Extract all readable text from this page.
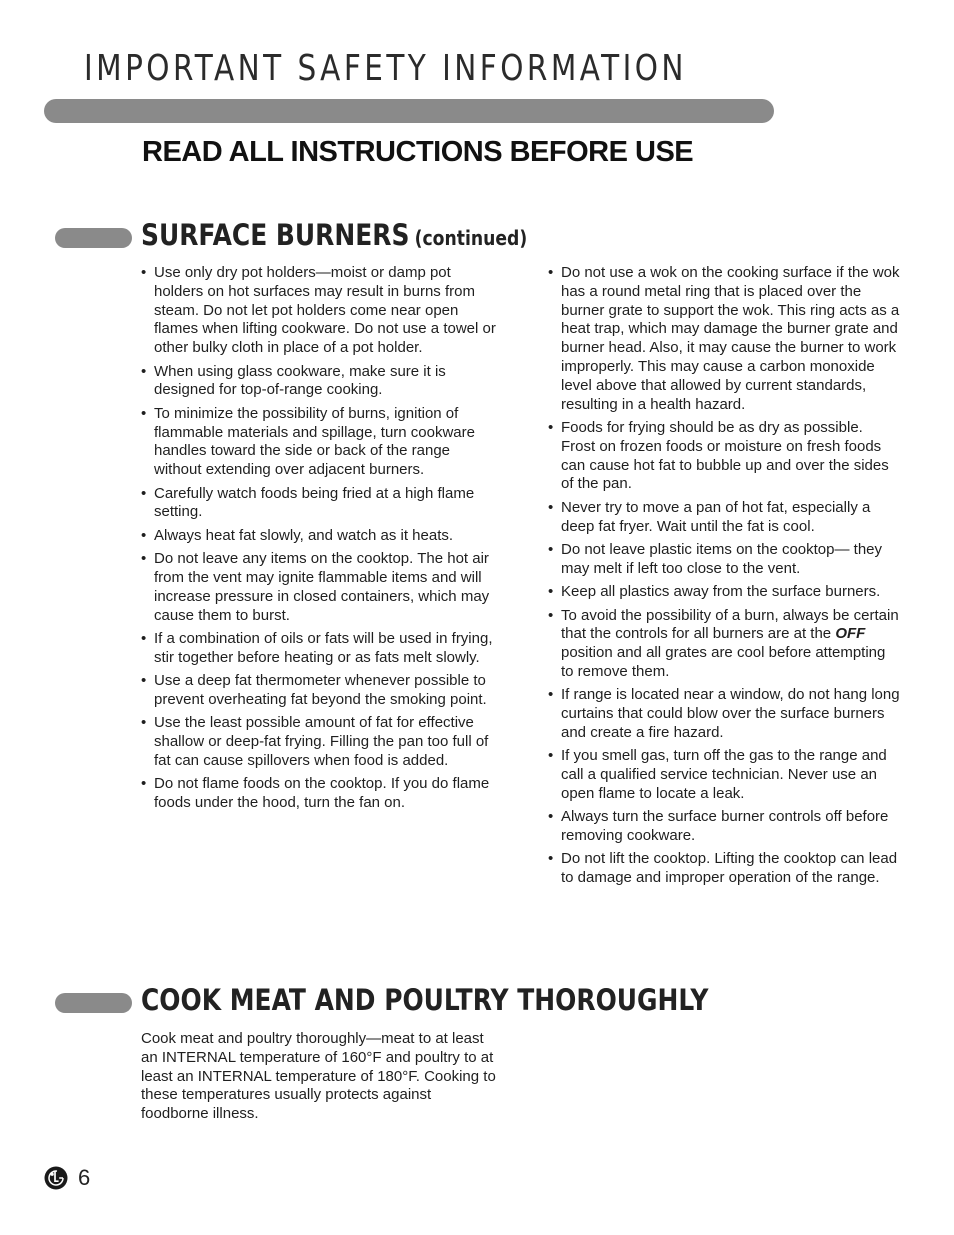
IMPORTANT SAFETY INFORMATION
READ ALL INSTRUCTIONS BEFORE USE
SURFACE BURNERS (continued)
• Use only dry pot holders—moist or damp pot holders on hot surfaces may result in burns from steam. Do not let pot holders come near open flames when lifting cookware. Do not use a towel or other bulky cloth in place of a pot holder.
• When using glass cookware, make sure it is designed for top-of-range cooking.
• To minimize the possibility of burns, ignition of flammable materials and spillage, turn cookware handles toward the side or back of the range without extending over adjacent burners.
• Carefully watch foods being fried at a high flame setting.
• Always heat fat slowly, and watch as it heats.
• Do not leave any items on the cooktop. The hot air from the vent may ignite flammable items and will increase pressure in closed containers, which may cause them to burst.
• If a combination of oils or fats will be used in frying, stir together before heating or as fats melt slowly.
• Use a deep fat thermometer whenever possible to prevent overheating fat beyond the smoking point.
• Use the least possible amount of fat for effective shallow or deep-fat frying. Filling the pan too full of fat can cause spillovers when food is added.
• Do not flame foods on the cooktop. If you do flame foods under the hood, turn the fan on.
• Do not use a wok on the cooking surface if the wok has a round metal ring that is placed over the burner grate to support the wok. This ring acts as a heat trap, which may damage the burner grate and burner head. Also, it may cause the burner to work improperly. This may cause a carbon monoxide level above that allowed by current standards, resulting in a health hazard.
• Foods for frying should be as dry as possible. Frost on frozen foods or moisture on fresh foods can cause hot fat to bubble up and over the sides of the pan.
• Never try to move a pan of hot fat, especially a deep fat fryer. Wait until the fat is cool.
• Do not leave plastic items on the cooktop— they may melt if left too close to the vent.
• Keep all plastics away from the surface burners.
• To avoid the possibility of a burn, always be certain that the controls for all burners are at the OFF position and all grates are cool before attempting to remove them.
• If range is located near a window, do not hang long curtains that could blow over the surface burners and create a fire hazard.
• If you smell gas, turn off the gas to the range and call a qualified service technician. Never use an open flame to locate a leak.
• Always turn the surface burner controls off before removing cookware.
• Do not lift the cooktop. Lifting the cooktop can lead to damage and improper operation of the range.
COOK MEAT AND POULTRY THOROUGHLY
Cook meat and poultry thoroughly—meat to at least an INTERNAL temperature of 160°F and poultry to at least an INTERNAL temperature of 180°F. Cooking to these temperatures usually protects against foodborne illness.
6
